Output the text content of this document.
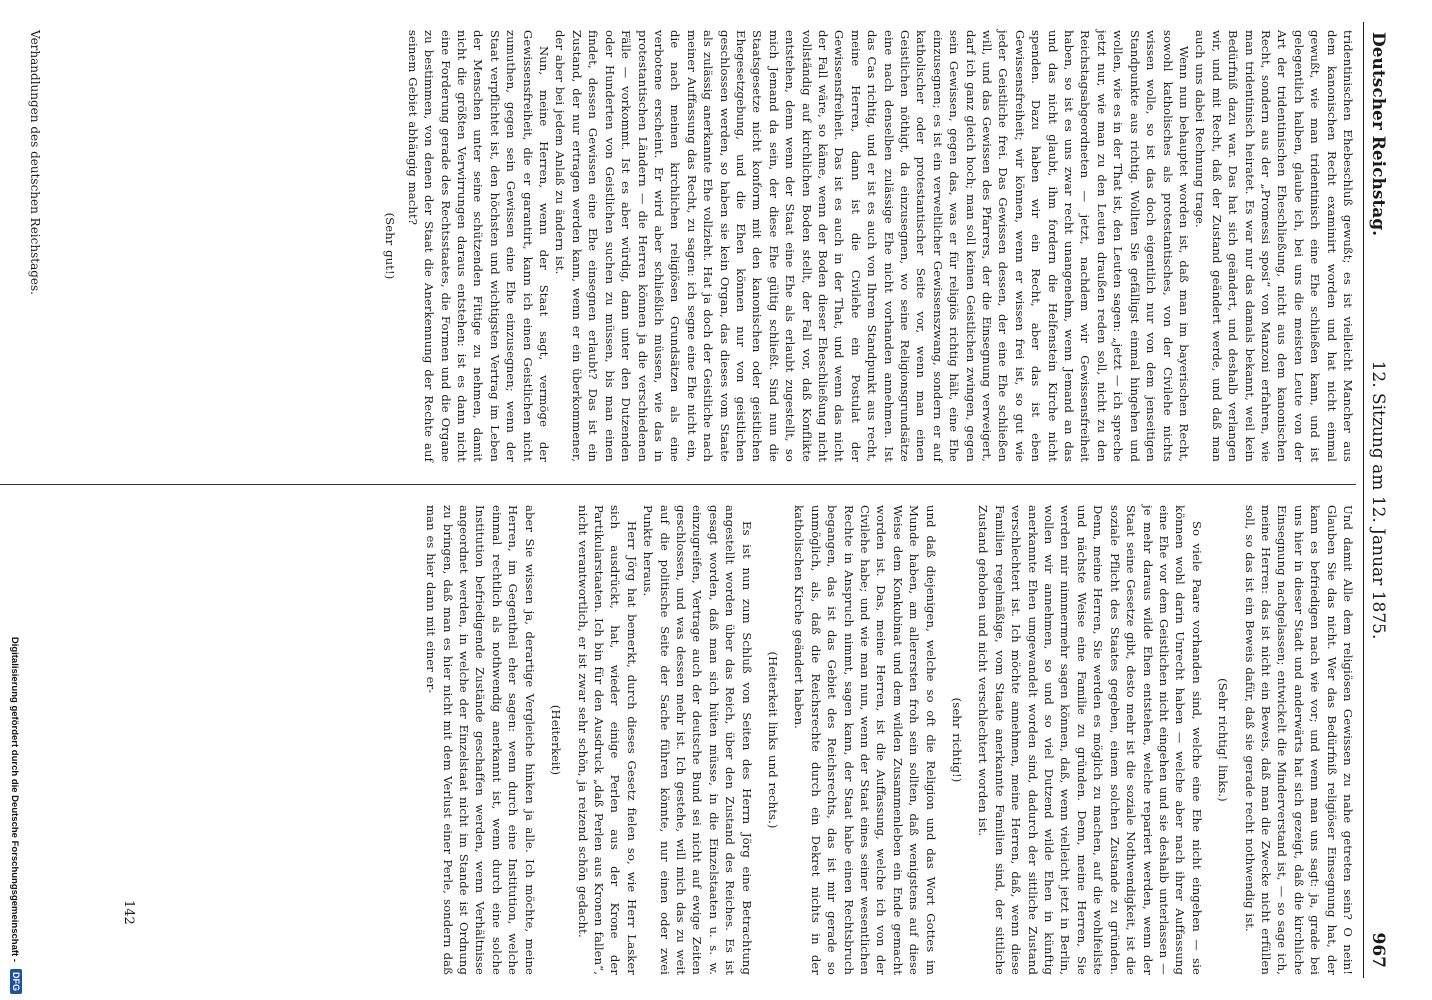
Deutscher Reichstag.
12. Sitzung am 12. Januar 1875.
967

tridentinischen Ehebeschluß gewußt; es ist vielleicht Mancher aus dem kanonischen Recht examinirt worden und hat nicht einmal gewußt, wie man tridentinisch eine Ehe schließen kann, und ist gelegentlich halben, glaube ich, bei uns die meisten Leute von der Art der tridentinischen Eheschließung, nicht aus dem kanonischen Recht, sondern aus der „Promessi sposi“ von Manzoni erfahren, wie man tridentinisch heiratet. Es war nur das damals bekannt, weil kein Bedürfniß dazu war. Das hat sich geändert, und deshalb verlangen wir, und mit Recht, daß der Zustand geändert werde, und daß man auch uns dabei Rechnung trage.

Wenn nun behauptet worden ist, daß man im bayerischen Recht, sowohl katholisches als protestantisches, von der Civilehe nichts wissen wolle, so ist das doch eigentlich nur von dem jenseitigen Standpunkte aus richtig. Wollten Sie gefälligst einmal hingehen und wollen, wie es in der That ist, den Leuten sagen: „jetzt — ich spreche jetzt nur, wie man zu den Leuten draußen reden soll, nicht zu den Reichstagsabgeordneten — jetzt, nachdem wir Gewissensfreiheit haben, so ist es uns zwar recht unangenehm, wenn Jemand an das und das nicht glaubt, ihm fordern die Helfenstein Kirche nicht spenden. Dazu haben wir ein Recht, aber das ist eben Gewissensfreiheit; wir können, wenn er wissen frei ist, so gut wie jeder Geistliche frei. Das Gewissen dessen, der eine Ehe schließen will, und das Gewissen des Pfarrers, der die Einsegnung verweigert, darf ich ganz gleich hoch; man soll keinen Geistlichen zwingen, gegen sein Gewissen, gegen das, was er für religiös richtig hält, eine Ehe einzusegnen; es ist ein verweltlicher Gewissenszwang, sondern er auf katholischer oder protestantischer Seite vor, wenn man einen Geistlichen nöthigt, da einzusegnen, wo seine Religionsgrundsätze eine nach denselben zulässige Ehe nicht vorhanden annehmen. Ist das Cas richtig, und er ist es auch von Ihrem Standpunkt aus recht, meine Herren, dann ist die Civilehe ein Postulat der Gewissensfreiheit. Das ist es auch in der That, und wenn das nicht der Fall wäre, so käme, wenn der Boden dieser Eheschließung nicht vollständig auf kirchlichen Boden stellt, der Fall vor, daß Konflikte entstehen, denn wenn der Staat eine Ehe als erlaubt zugestellt, so mich Jemand da sein, der diese Ehe gültig schließt. Sind nun die Staatsgesetze nicht konform mit den kanonischen oder geistlichen Ehegesetzgebung, und die Ehen können nur von geistlichen geschlossen werden, so haben sie kein Organ, das dieses vom Staate als zulässig anerkannte Ehe vollzieht. Hat ja doch der Geistliche nach meiner Auffassung das Recht, zu sagen: ich segne eine Ehe nicht ein, die nach meinen kirchlichen religiösen Grundsätzen als eine verbotene erscheint. Er wird aber schließlich müssen, wie das in protestantischen Ländern — die Herren können ja die verschiedenen Fälle — vorkommt. Ist es aber würdig, dann unter den Dutzenden oder Hunderten von Geistlichen suchen zu müssen, bis man einen findet, dessen Gewissen eine Ehe einsegnen erlaubt? Das ist ein Zustand, der nur ertragen werden kann, wenn er ein überkommener, der aber bei jedem Anlaß zu ändern ist.

Nun, meine Herren, wenn der Staat sagt, vermöge der Gewissensfreiheit, die er garantirt, kann ich einen Geistlichen nicht zumuthen, gegen sein Gewissen eine Ehe einzusegnen; wenn der Staat verpflichtet ist, den höchsten und wichtigsten Vertrag im Leben der Menschen unter seine schützenden Fittige zu nehmen, damit nicht die größten Verwirrungen daraus entstehen: ist es dann nicht eine Forderung gerade des Rechtsstaates, die Formen und die Organe zu bestimmen, von denen der Staat die Anerkennung der Rechte auf seinem Gebiet abhängig macht?

(Sehr gut!)

Und damit Alle dem religiösen Gewissen zu nahe getreten sein? O nein! Glauben Sie das nicht. Wer das Bedürfniß religiöser Einsegnung hat, der kann es befriedigen nach wie vor; und wenn man uns sagt: ja, grade bei uns hier in dieser Stadt und anderwärts hat sich gezeigt, daß die kirchliche Einsegnung nachgelassen; entwickelt die Minderverstand ist, — so sage ich, meine Herren: das ist nicht ein Beweis, daß man die Zwecke nicht erfüllen soll, so das ist ein Beweis dafür, daß sie gerade recht nothwendig ist.

(Sehr richtig! links.)

So viele Paare vorhanden sind, welche eine Ehe nicht eingehen — sie können wohl darin Unrecht haben — welche aber nach ihrer Auffassung eine Ehe vor dem Geistlichen nicht eingehen und sie deshalb unterlassen — je mehr daraus wilde Ehen entstehen, welche repariert werden, wenn der Staat seine Gesetze gibt, desto mehr ist die soziale Nothwendigkeit, ist die soziale Pflicht des Staates gegeben, einem solchen Zustande zu gründen. Denn, meine Herren, Sie werden es möglich zu machen, auf die wohlfeilste und nächste Weise eine Familie zu gründen. Denn, meine Herren, Sie werden mir nimmermehr sagen können, daß, wenn vielleicht jetzt in Berlin, wollen wir annehmen, so und so viel Dutzend wilde Ehen in künftig anerkannte Ehen umgewandelt worden sind, dadurch der sittliche Zustand verschlechtert ist. Ich möchte annehmen, meine Herren, daß, wenn diese Familien regelmäßige, vom Staate anerkannte Familien sind, der sittliche Zustand gehoben und nicht verschlechtert worden ist.

(sehr richtig!)

und daß diejenigen, welche so oft die Religion und das Wort Gottes im Munde haben, am allerersten froh sein sollten, daß wenigstens auf diese Weise dem Konkubinat und dem wilden Zusammenleben ein Ende gemacht worden ist. Das, meine Herren, ist die Auffassung, welche ich von der Civilehe habe; und wie man nun, wenn der Staat eines seiner wesentlichen Rechte in Anspruch nimmt, sagen kann, der Staat habe einen Rechtsbruch begangen, das ist das Gebiet des Reichsrechts, das ist mir gerade so unmöglich, als, daß die Reichsrechte durch ein Dekret nichts in der katholischen Kirche geändert haben.

(Heiterkeit links und rechts.)

Es ist nun zum Schluß von Seiten des Herrn Jörg eine Betrachtung angestellt worden über das Reich, über den Zustand des Reiches. Es ist gesagt worden, daß man sich hüten müsse, in die Einzelstaaten u. s. w. einzugreifen, Vertrage auch der deutsche Bund sei nicht auf ewige Zeiten geschlossen, und was dessen mehr ist. Ich gestehe, will mich das zu weit auf die politische Seite der Sache führen könnte, nur einen oder zwei Punkte heraus.

Herr Jörg hat bemerkt, durch dieses Gesetz fielen so, wie Herr Lasker sich ausdrückt, hat, wieder einige Perlen aus der Krone der Partikularstaaten. Ich bin für den Ausdruck „daß Perlen aus Kronen fallen“, nicht verantwortlich, er ist zwar sehr schön, ja reizend schön gedacht.

(Heiterkeit)

aber Sie wissen ja, derartige Vergleiche hinken ja alle. Ich möchte, meine Herren, im Gegentheil eher sagen: wenn durch eine Institution, welche einmal rechtlich als nothwendig anerkannt ist, wenn durch eine solche Institution befriedigende Zustände geschaffen werden, wenn Verhältnisse angeordnet werden, in welche der Einzelstaat nicht im Stande ist Ordnung zu bringen, daß man es hier nicht mit dem Verlust einer Perle, sondern daß man es hier dann mit einer er-

Verhandlungen des deutschen Reichstages.
142
Digitalisierung gefördert durch die Deutsche Forschungsgemeinschaft -
DFG
